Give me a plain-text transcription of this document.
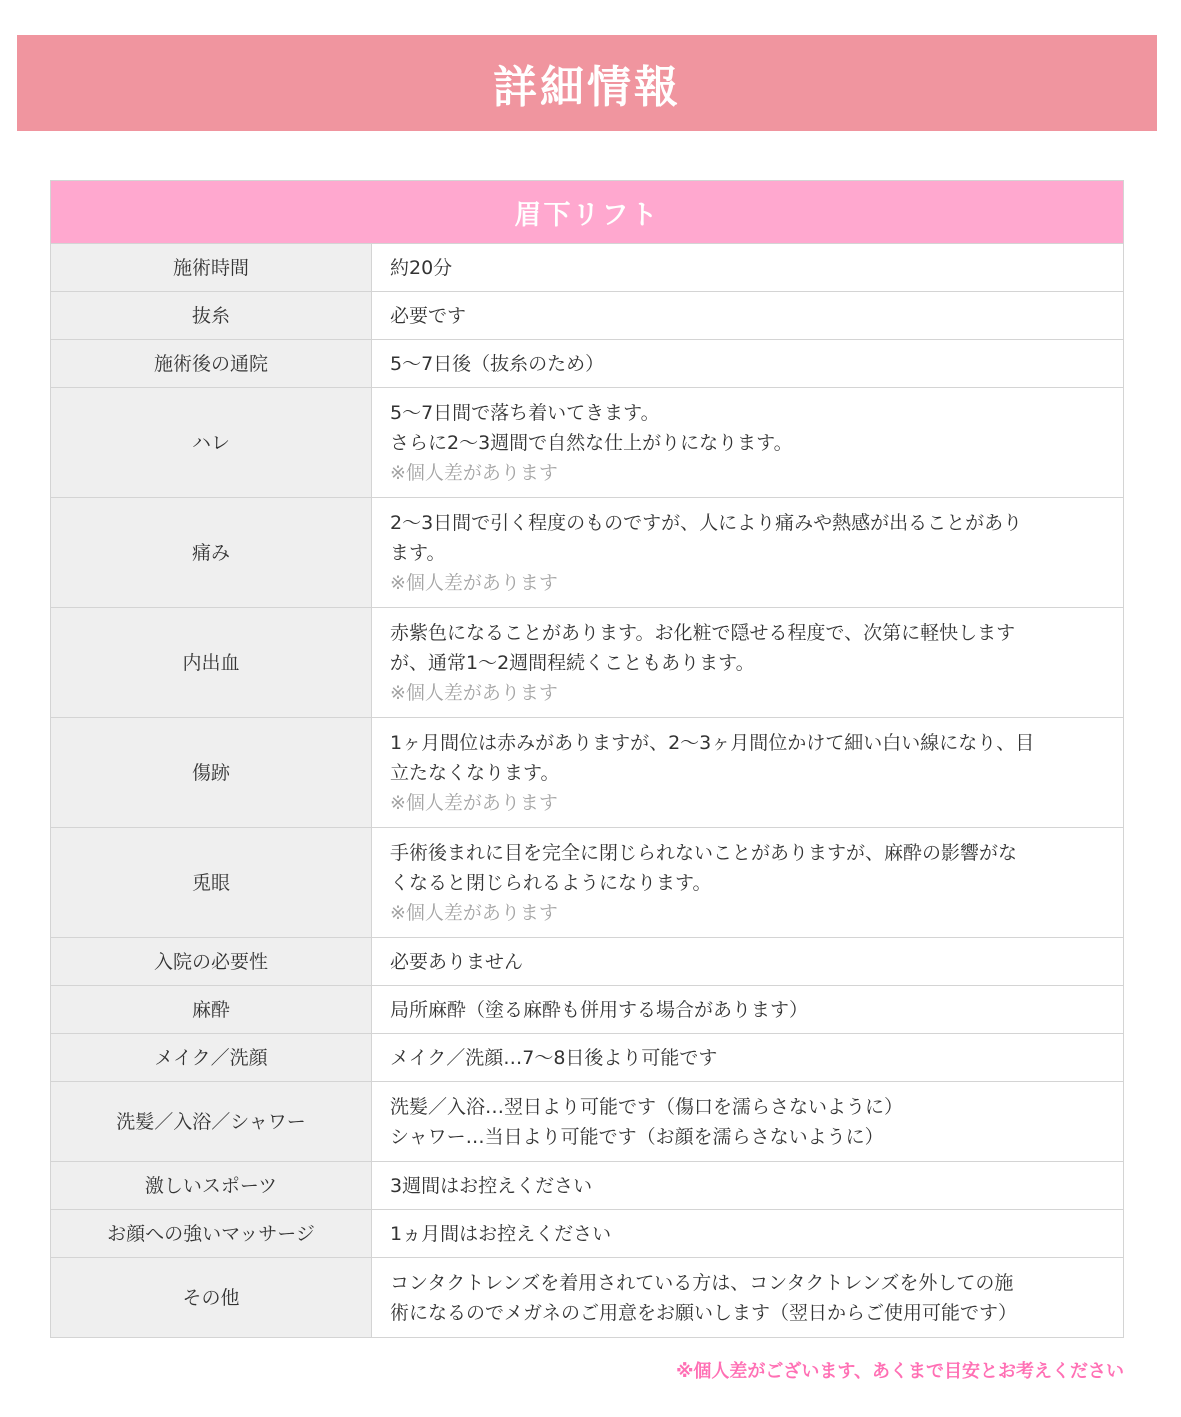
詳細情報
眉下リフト
施術時間	約20分

抜糸	必要です

施術後の通院	5〜7日後（抜糸のため）

ハレ	5〜7日間で落ち着いてきます。
さらに2〜3週間で自然な仕上がりになります。
※個人差があります

痛み	2〜3日間で引く程度のものですが、人により痛みや熱感が出ることがあり
ます。
※個人差があります

内出血	赤紫色になることがあります。お化粧で隠せる程度で、次第に軽快します
が、通常1〜2週間程続くこともあります。
※個人差があります

傷跡	1ヶ月間位は赤みがありますが、2〜3ヶ月間位かけて細い白い線になり、目
立たなくなります。
※個人差があります

兎眼	手術後まれに目を完全に閉じられないことがありますが、麻酔の影響がな
くなると閉じられるようになります。
※個人差があります

入院の必要性	必要ありません

麻酔	局所麻酔（塗る麻酔も併用する場合があります）

メイク／洗顔	メイク／洗顔…7〜8日後より可能です

洗髪／入浴／シャワー	洗髪／入浴…翌日より可能です（傷口を濡らさないように）
シャワー…当日より可能です（お顔を濡らさないように）

激しいスポーツ	3週間はお控えください

お顔への強いマッサージ	1ヵ月間はお控えください

その他	コンタクトレンズを着用されている方は、コンタクトレンズを外しての施
術になるのでメガネのご用意をお願いします（翌日からご使用可能です）
※個人差がございます、あくまで目安とお考えください
